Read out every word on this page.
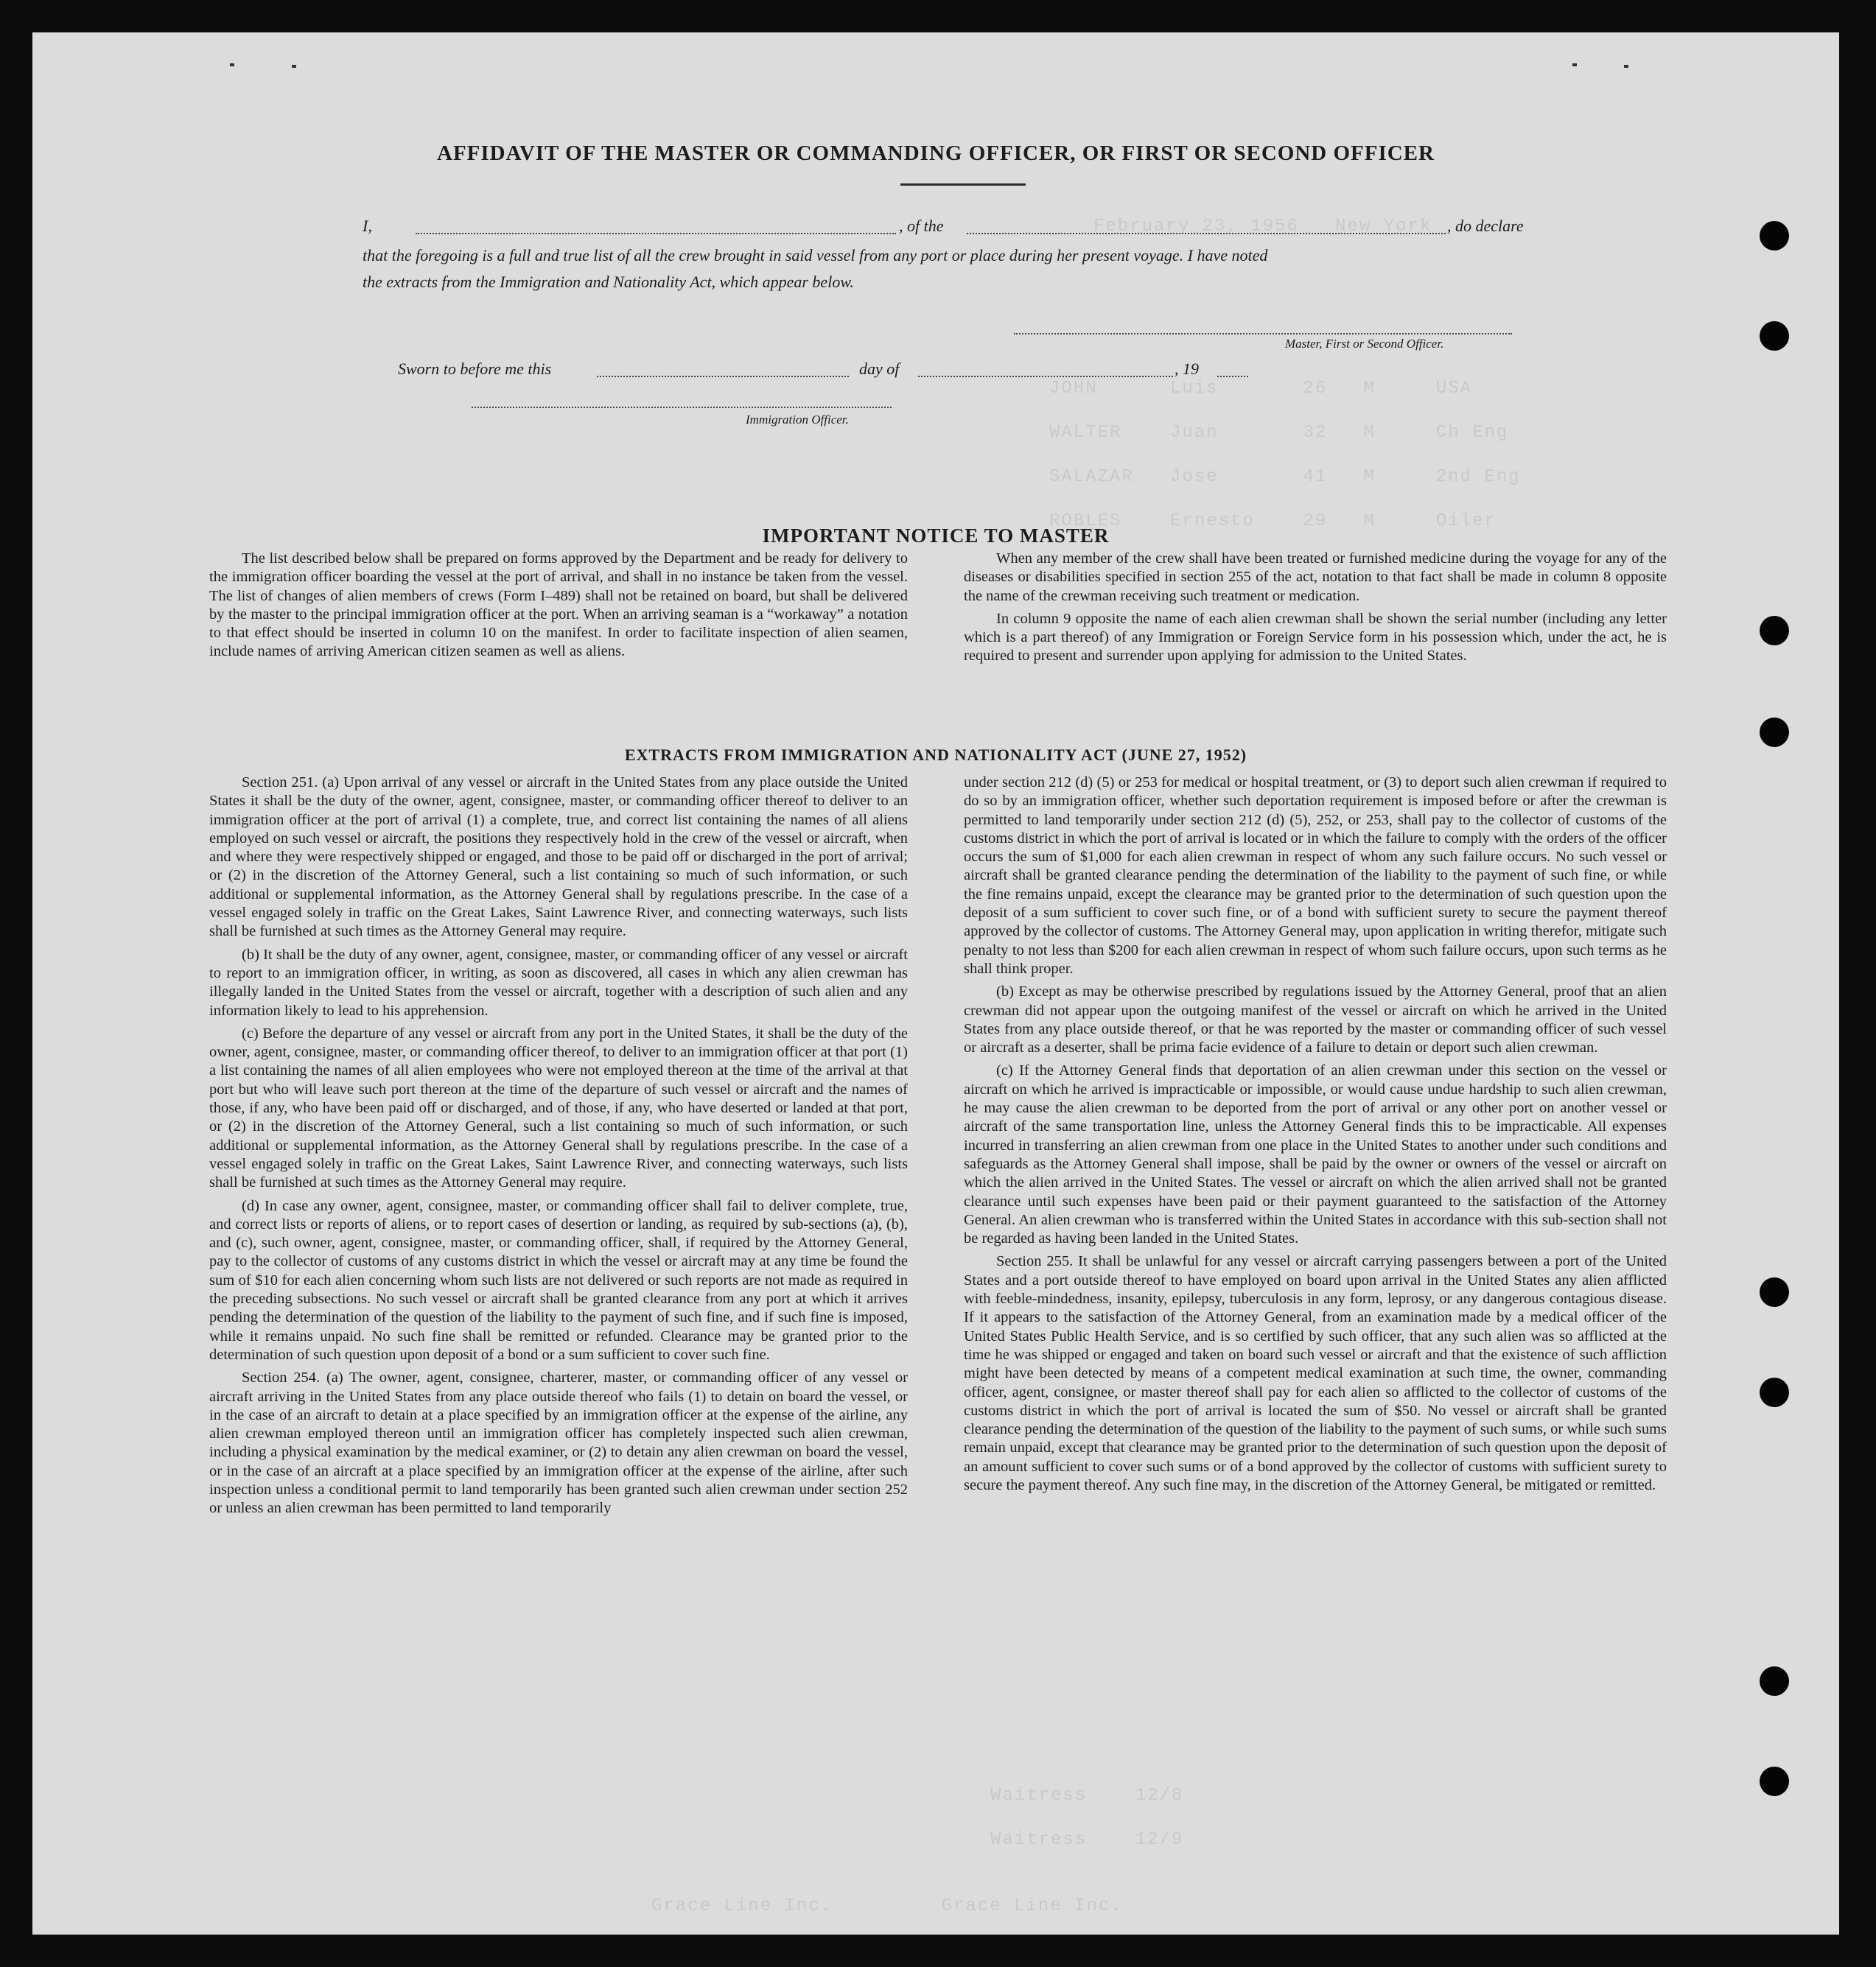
February 23, 1956   New York
JOHN      Luis       26   M     USA
WALTER    Juan       32   M     Ch Eng
SALAZAR   Jose       41   M     2nd Eng
ROBLES    Ernesto    29   M     Oiler
Waitress    12/8
Waitress    12/9
Grace Line Inc.         Grace Line Inc.
AFFIDAVIT OF THE MASTER OR COMMANDING OFFICER, OR FIRST OR SECOND OFFICER
I,	, of the	, do declare
that the foregoing is a full and true list of all the crew brought in said vessel from any port or place during her present voyage. I have noted
the extracts from the Immigration and Nationality Act, which appear below.
Master, First or Second Officer.
Sworn to before me this	day of	, 19
Immigration Officer.
IMPORTANT NOTICE TO MASTER

The list described below shall be prepared on forms approved by the Department and be ready for delivery to the immigration officer boarding the vessel at the port of arrival, and shall in no instance be taken from the vessel. The list of changes of alien members of crews (Form I–489) shall not be retained on board, but shall be delivered by the master to the principal immigration officer at the port. When an arriving seaman is a “workaway” a notation to that effect should be inserted in column 10 on the manifest. In order to facilitate inspection of alien seamen, include names of arriving American citizen seamen as well as aliens.

When any member of the crew shall have been treated or furnished medicine during the voyage for any of the diseases or disabilities specified in section 255 of the act, notation to that fact shall be made in column 8 opposite the name of the crewman receiving such treatment or medication.

In column 9 opposite the name of each alien crewman shall be shown the serial number (including any letter which is a part thereof) of any Immigration or Foreign Service form in his possession which, under the act, he is required to present and surrender upon applying for admission to the United States.

EXTRACTS FROM IMMIGRATION AND NATIONALITY ACT (JUNE 27, 1952)

Section 251. (a) Upon arrival of any vessel or aircraft in the United States from any place outside the United States it shall be the duty of the owner, agent, consignee, master, or commanding officer thereof to deliver to an immigration officer at the port of arrival (1) a complete, true, and correct list containing the names of all aliens employed on such vessel or aircraft, the positions they respectively hold in the crew of the vessel or aircraft, when and where they were respectively shipped or engaged, and those to be paid off or discharged in the port of arrival; or (2) in the discretion of the Attorney General, such a list containing so much of such information, or such additional or supplemental information, as the Attorney General shall by regulations prescribe. In the case of a vessel engaged solely in traffic on the Great Lakes, Saint Lawrence River, and connecting waterways, such lists shall be furnished at such times as the Attorney General may require.

(b) It shall be the duty of any owner, agent, consignee, master, or commanding officer of any vessel or aircraft to report to an immigration officer, in writing, as soon as discovered, all cases in which any alien crewman has illegally landed in the United States from the vessel or aircraft, together with a description of such alien and any information likely to lead to his apprehension.

(c) Before the departure of any vessel or aircraft from any port in the United States, it shall be the duty of the owner, agent, consignee, master, or commanding officer thereof, to deliver to an immigration officer at that port (1) a list containing the names of all alien employees who were not employed thereon at the time of the arrival at that port but who will leave such port thereon at the time of the departure of such vessel or aircraft and the names of those, if any, who have been paid off or discharged, and of those, if any, who have deserted or landed at that port, or (2) in the discretion of the Attorney General, such a list containing so much of such information, or such additional or supplemental information, as the Attorney General shall by regulations prescribe. In the case of a vessel engaged solely in traffic on the Great Lakes, Saint Lawrence River, and connecting waterways, such lists shall be furnished at such times as the Attorney General may require.

(d) In case any owner, agent, consignee, master, or commanding officer shall fail to deliver complete, true, and correct lists or reports of aliens, or to report cases of desertion or landing, as required by sub-sections (a), (b), and (c), such owner, agent, consignee, master, or commanding officer, shall, if required by the Attorney General, pay to the collector of customs of any customs district in which the vessel or aircraft may at any time be found the sum of $10 for each alien concerning whom such lists are not delivered or such reports are not made as required in the preceding subsections. No such vessel or aircraft shall be granted clearance from any port at which it arrives pending the determination of the question of the liability to the payment of such fine, and if such fine is imposed, while it remains unpaid. No such fine shall be remitted or refunded. Clearance may be granted prior to the determination of such question upon deposit of a bond or a sum sufficient to cover such fine.

Section 254. (a) The owner, agent, consignee, charterer, master, or commanding officer of any vessel or aircraft arriving in the United States from any place outside thereof who fails (1) to detain on board the vessel, or in the case of an aircraft to detain at a place specified by an immigration officer at the expense of the airline, any alien crewman employed thereon until an immigration officer has completely inspected such alien crewman, including a physical examination by the medical examiner, or (2) to detain any alien crewman on board the vessel, or in the case of an aircraft at a place specified by an immigration officer at the expense of the airline, after such inspection unless a conditional permit to land temporarily has been granted such alien crewman under section 252 or unless an alien crewman has been permitted to land temporarily

under section 212 (d) (5) or 253 for medical or hospital treatment, or (3) to deport such alien crewman if required to do so by an immigration officer, whether such deportation requirement is imposed before or after the crewman is permitted to land temporarily under section 212 (d) (5), 252, or 253, shall pay to the collector of customs of the customs district in which the port of arrival is located or in which the failure to comply with the orders of the officer occurs the sum of $1,000 for each alien crewman in respect of whom any such failure occurs. No such vessel or aircraft shall be granted clearance pending the determination of the liability to the payment of such fine, or while the fine remains unpaid, except the clearance may be granted prior to the determination of such question upon the deposit of a sum sufficient to cover such fine, or of a bond with sufficient surety to secure the payment thereof approved by the collector of customs. The Attorney General may, upon application in writing therefor, mitigate such penalty to not less than $200 for each alien crewman in respect of whom such failure occurs, upon such terms as he shall think proper.

(b) Except as may be otherwise prescribed by regulations issued by the Attorney General, proof that an alien crewman did not appear upon the outgoing manifest of the vessel or aircraft on which he arrived in the United States from any place outside thereof, or that he was reported by the master or commanding officer of such vessel or aircraft as a deserter, shall be prima facie evidence of a failure to detain or deport such alien crewman.

(c) If the Attorney General finds that deportation of an alien crewman under this section on the vessel or aircraft on which he arrived is impracticable or impossible, or would cause undue hardship to such alien crewman, he may cause the alien crewman to be deported from the port of arrival or any other port on another vessel or aircraft of the same transportation line, unless the Attorney General finds this to be impracticable. All expenses incurred in transferring an alien crewman from one place in the United States to another under such conditions and safeguards as the Attorney General shall impose, shall be paid by the owner or owners of the vessel or aircraft on which the alien arrived in the United States. The vessel or aircraft on which the alien arrived shall not be granted clearance until such expenses have been paid or their payment guaranteed to the satisfaction of the Attorney General. An alien crewman who is transferred within the United States in accordance with this sub-section shall not be regarded as having been landed in the United States.

Section 255. It shall be unlawful for any vessel or aircraft carrying passengers between a port of the United States and a port outside thereof to have employed on board upon arrival in the United States any alien afflicted with feeble-mindedness, insanity, epilepsy, tuberculosis in any form, leprosy, or any dangerous contagious disease. If it appears to the satisfaction of the Attorney General, from an examination made by a medical officer of the United States Public Health Service, and is so certified by such officer, that any such alien was so afflicted at the time he was shipped or engaged and taken on board such vessel or aircraft and that the existence of such affliction might have been detected by means of a competent medical examination at such time, the owner, commanding officer, agent, consignee, or master thereof shall pay for each alien so afflicted to the collector of customs of the customs district in which the port of arrival is located the sum of $50. No vessel or aircraft shall be granted clearance pending the determination of the question of the liability to the payment of such sums, or while such sums remain unpaid, except that clearance may be granted prior to the determination of such question upon the deposit of an amount sufficient to cover such sums or of a bond approved by the collector of customs with sufficient surety to secure the payment thereof. Any such fine may, in the discretion of the Attorney General, be mitigated or remitted.
